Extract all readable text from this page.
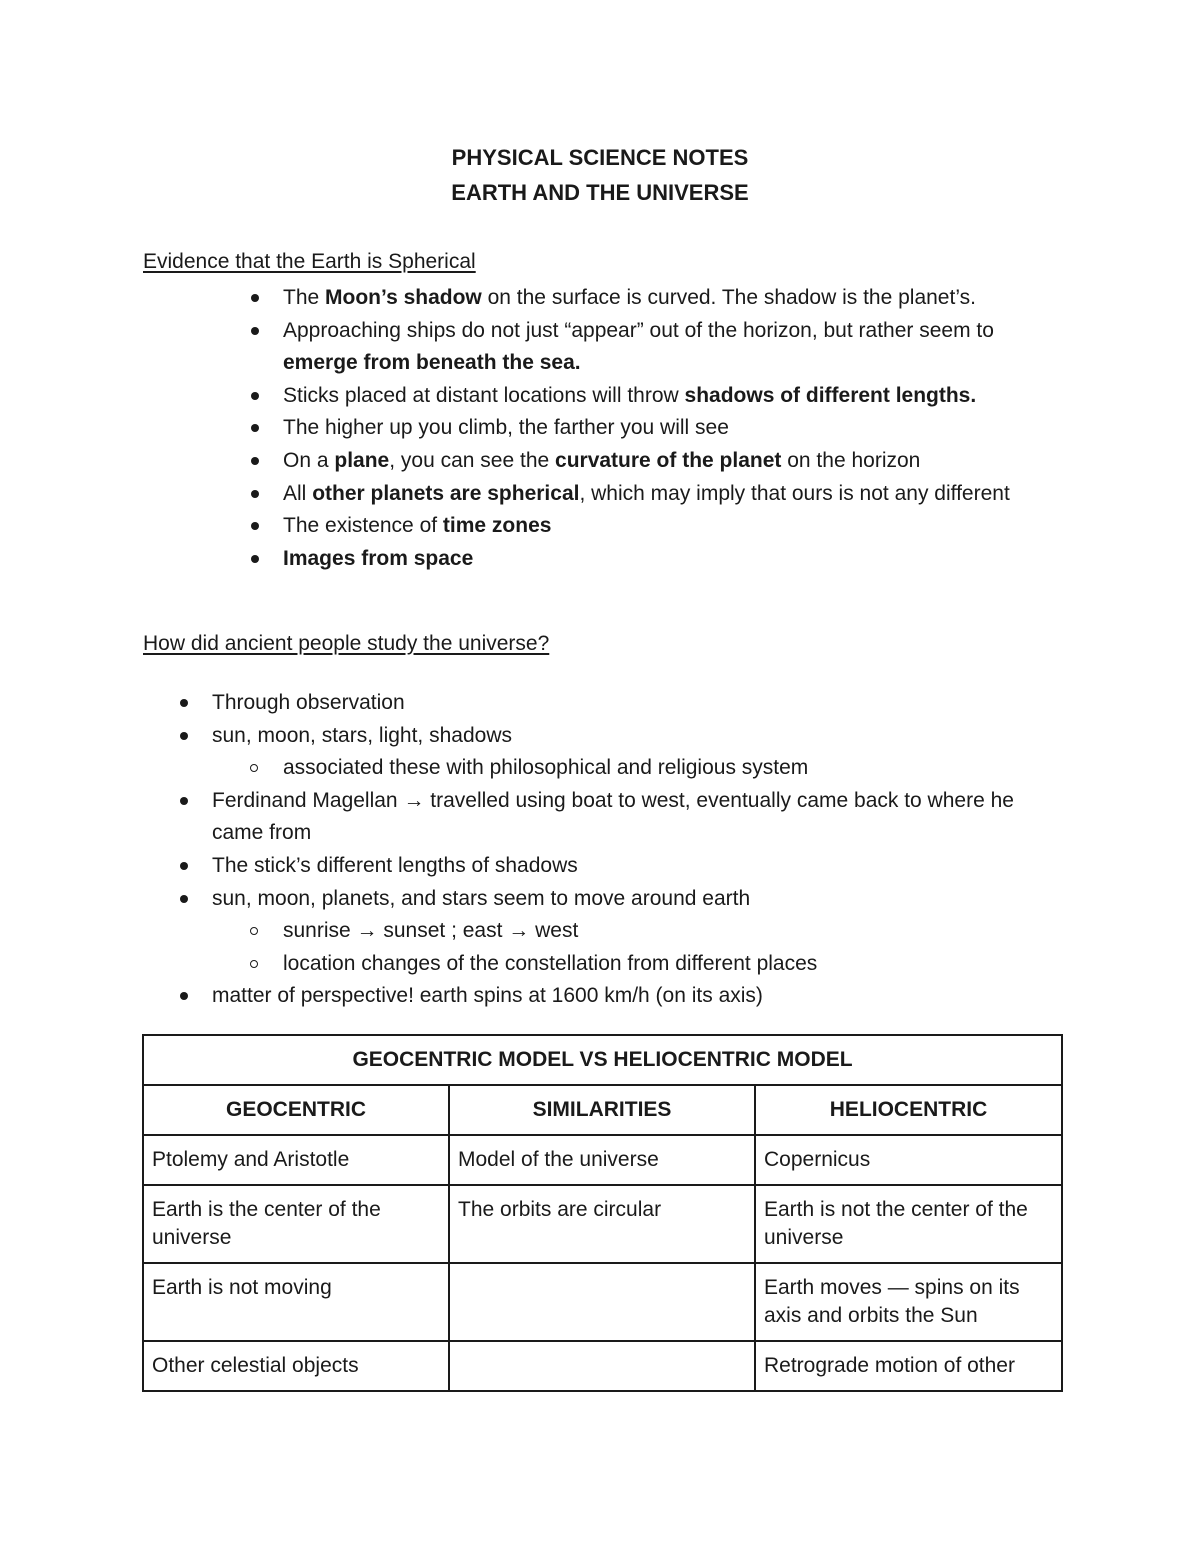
PHYSICAL SCIENCE NOTES
EARTH AND THE UNIVERSE
Evidence that the Earth is Spherical
The Moon’s shadow on the surface is curved. The shadow is the planet’s.
Approaching ships do not just “appear” out of the horizon, but rather seem to emerge from beneath the sea.
Sticks placed at distant locations will throw shadows of different lengths.
The higher up you climb, the farther you will see
On a plane, you can see the curvature of the planet on the horizon
All other planets are spherical, which may imply that ours is not any different
The existence of time zones
Images from space
How did ancient people study the universe?
Through observation
sun, moon, stars, light, shadows
associated these with philosophical and religious system
Ferdinand Magellan → travelled using boat to west, eventually came back to where he came from
The stick’s different lengths of shadows
sun, moon, planets, and stars seem to move around earth
sunrise → sunset ; east → west
location changes of the constellation from different places
matter of perspective! earth spins at 1600 km/h (on its axis)
GEOCENTRIC MODEL VS HELIOCENTRIC MODEL		
GEOCENTRIC	SIMILARITIES	HELIOCENTRIC
Ptolemy and Aristotle	Model of the universe	Copernicus
Earth is the center of the universe	The orbits are circular	Earth is not the center of the universe
Earth is not moving		Earth moves — spins on its axis and orbits the Sun
Other celestial objects		Retrograde motion of other
